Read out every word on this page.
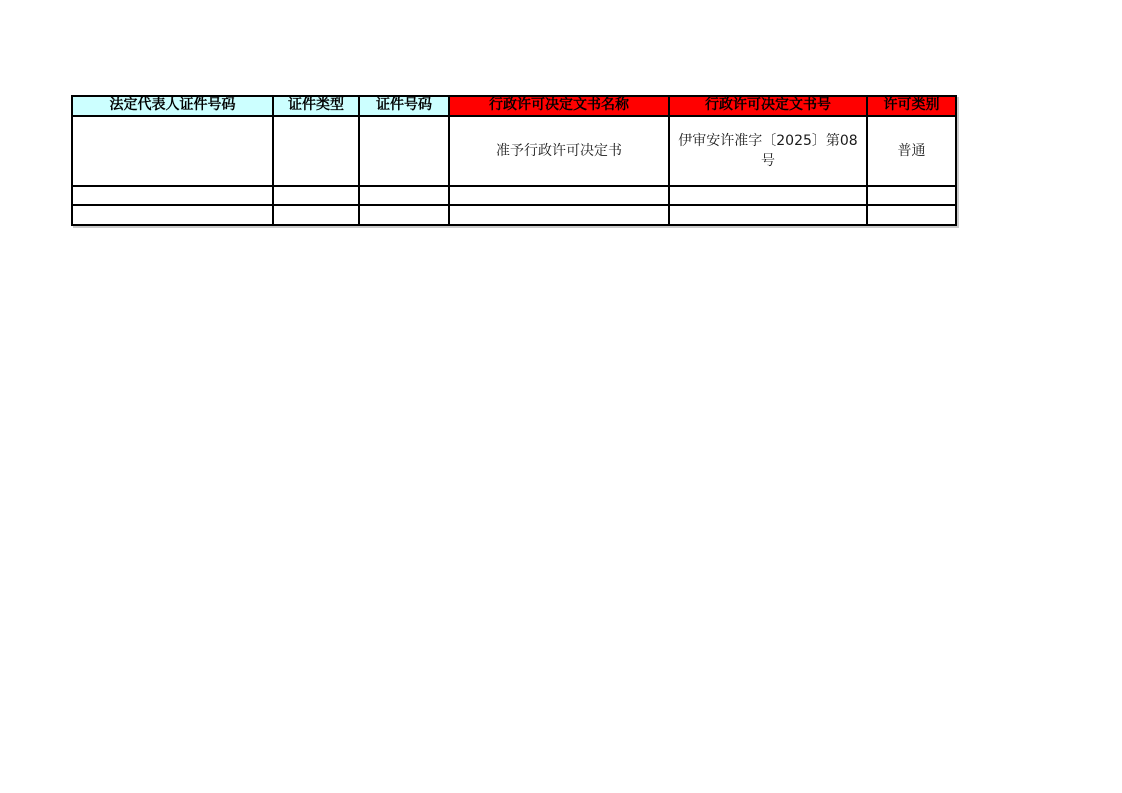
法定代表人证件号码	证件类型	证件号码	行政许可决定文书名称	行政许可决定文书号	许可类别
			准予行政许可决定书	伊审安许准字〔2025〕第08号	普通
